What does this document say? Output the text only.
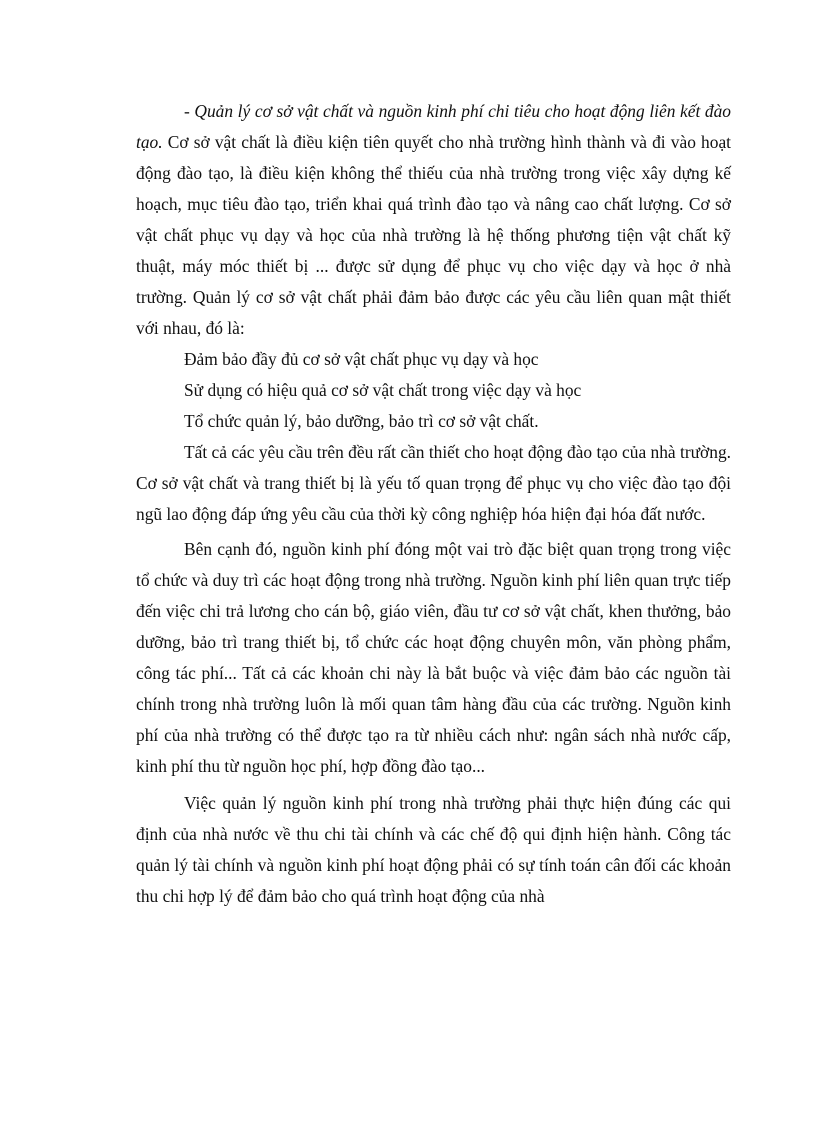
- Quản lý cơ sở vật chất và nguồn kinh phí chi tiêu cho hoạt động liên kết đào tạo. Cơ sở vật chất là điều kiện tiên quyết cho nhà trường hình thành và đi vào hoạt động đào tạo, là điều kiện không thể thiếu của nhà trường trong việc xây dựng kế hoạch, mục tiêu đào tạo, triển khai quá trình đào tạo và nâng cao chất lượng. Cơ sở vật chất phục vụ dạy và học của nhà trường là hệ thống phương tiện vật chất kỹ thuật, máy móc thiết bị ... được sử dụng để phục vụ cho việc dạy và học ở nhà trường. Quản lý cơ sở vật chất phải đảm bảo được các yêu cầu liên quan mật thiết với nhau, đó là:

Đảm bảo đầy đủ cơ sở vật chất phục vụ dạy và học

Sử dụng có hiệu quả cơ sở vật chất trong việc dạy và học

Tổ chức quản lý, bảo dưỡng, bảo trì cơ sở vật chất.

Tất cả các yêu cầu trên đều rất cần thiết cho hoạt động đào tạo của nhà trường. Cơ sở vật chất và trang thiết bị là yếu tố quan trọng để phục vụ cho việc đào tạo đội ngũ lao động đáp ứng yêu cầu của thời kỳ công nghiệp hóa hiện đại hóa đất nước.

Bên cạnh đó, nguồn kinh phí đóng một vai trò đặc biệt quan trọng trong việc tổ chức và duy trì các hoạt động trong nhà trường. Nguồn kinh phí liên quan trực tiếp đến việc chi trả lương cho cán bộ, giáo viên, đầu tư cơ sở vật chất, khen thưởng, bảo dưỡng, bảo trì trang thiết bị, tổ chức các hoạt động chuyên môn, văn phòng phẩm, công tác phí... Tất cả các khoản chi này là bắt buộc và việc đảm bảo các nguồn tài chính trong nhà trường luôn là mối quan tâm hàng đầu của các trường. Nguồn kinh phí của nhà trường có thể được tạo ra từ nhiều cách như: ngân sách nhà nước cấp, kinh phí thu từ nguồn học phí, hợp đồng đào tạo...

Việc quản lý nguồn kinh phí trong nhà trường phải thực hiện đúng các qui định của nhà nước về thu chi tài chính và các chế độ qui định hiện hành. Công tác quản lý tài chính và nguồn kinh phí hoạt động phải có sự tính toán cân đối các khoản thu chi hợp lý để đảm bảo cho quá trình hoạt động của nhà
